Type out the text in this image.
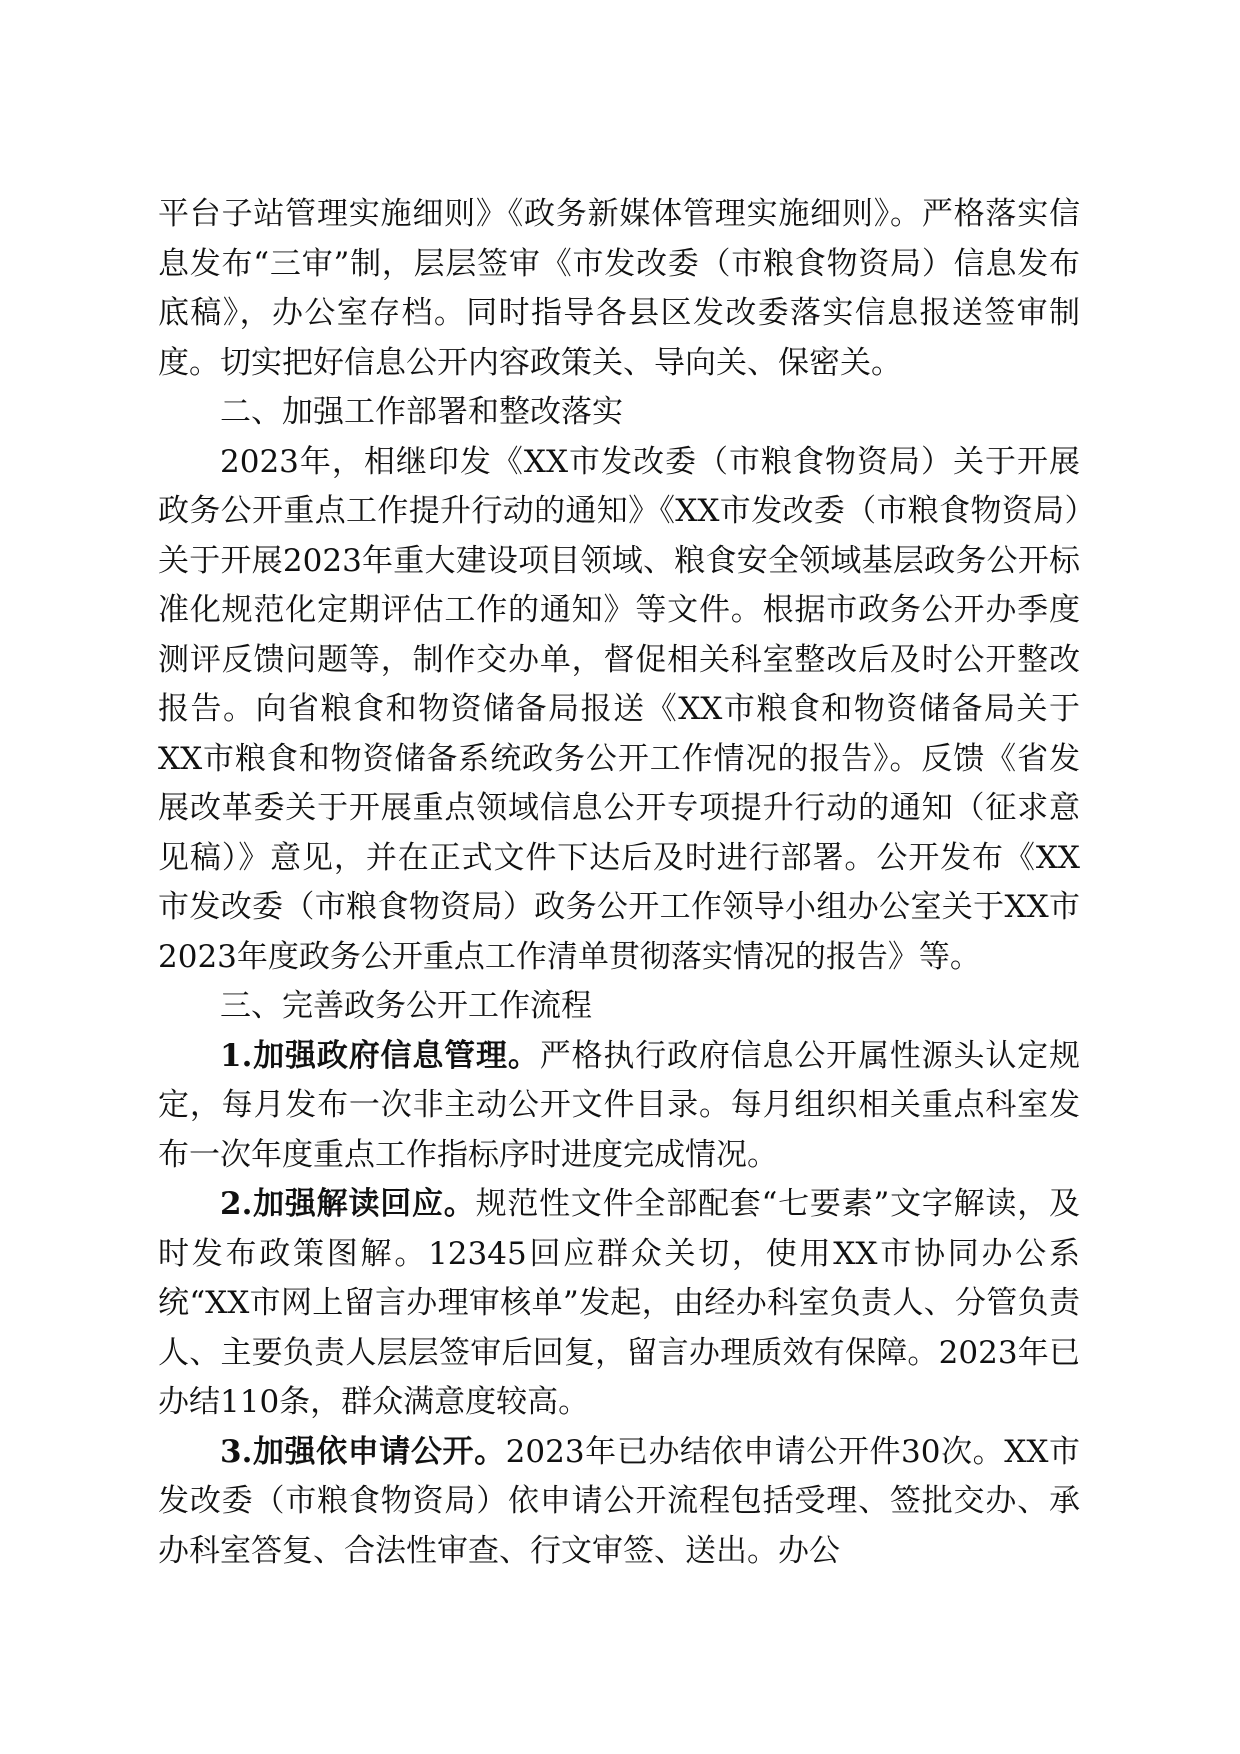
平台子站管理实施细则》《政务新媒体管理实施细则》。严格落实信息发布“三审”制，层层签审《市发改委（市粮食物资局）信息发布底稿》，办公室存档。同时指导各县区发改委落实信息报送签审制度。切实把好信息公开内容政策关、导向关、保密关。

二、加强工作部署和整改落实

2023年，相继印发《XX市发改委（市粮食物资局）关于开展政务公开重点工作提升行动的通知》《XX市发改委（市粮食物资局）关于开展2023年重大建设项目领域、粮食安全领域基层政务公开标准化规范化定期评估工作的通知》等文件。根据市政务公开办季度测评反馈问题等，制作交办单，督促相关科室整改后及时公开整改报告。向省粮食和物资储备局报送《XX市粮食和物资储备局关于XX市粮食和物资储备系统政务公开工作情况的报告》。反馈《省发展改革委关于开展重点领域信息公开专项提升行动的通知（征求意见稿）》意见，并在正式文件下达后及时进行部署。公开发布《XX市发改委（市粮食物资局）政务公开工作领导小组办公室关于XX市2023年度政务公开重点工作清单贯彻落实情况的报告》等。

三、完善政务公开工作流程

1.加强政府信息管理。严格执行政府信息公开属性源头认定规定，每月发布一次非主动公开文件目录。每月组织相关重点科室发布一次年度重点工作指标序时进度完成情况。

2.加强解读回应。规范性文件全部配套“七要素”文字解读，及时发布政策图解。12345回应群众关切，使用XX市协同办公系统“XX市网上留言办理审核单”发起，由经办科室负责人、分管负责人、主要负责人层层签审后回复，留言办理质效有保障。2023年已办结110条，群众满意度较高。

3.加强依申请公开。2023年已办结依申请公开件30次。XX市发改委（市粮食物资局）依申请公开流程包括受理、签批交办、承办科室答复、合法性审查、行文审签、送出。办公
